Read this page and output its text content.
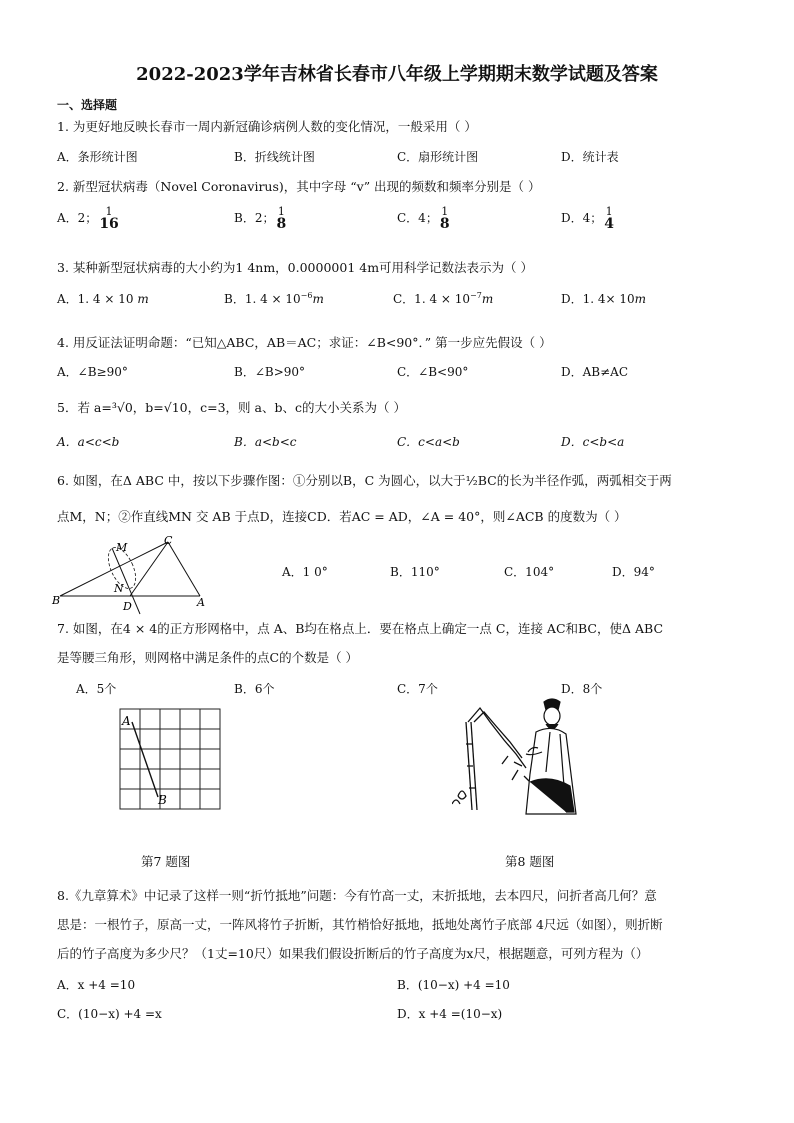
2022-2023学年吉林省长春市八年级上学期期末数学试题及答案
一、选择题
1. 为更好地反映长春市一周内新冠确诊病例人数的变化情况，一般采用（ ）
A．条形统计图	B．折线统计图	C．扇形统计图	D．统计表
2. 新型冠状病毒（Novel Coronavirus)，其中字母 “v” 出现的频数和频率分别是（ ）
A．2； 1
16	B．2； 1
8	C．4； 1
8	D．4； 1
4
3. 某种新型冠状病毒的大小约为1 4nm，0.0000001 4m可用科学记数法表示为（ ）
A．1. 4 × 10 m	B．1. $4 \times 10^{-6}m$	C．1. $4 \times 10^{-7}m$	D．1. 4× 10m
4. 用反证法证明命题：“已知△ABC，AB＝AC；求证：∠B<90°．” 第一步应先假设（ ）
A．∠B≥90°	B．∠B>90°	C．∠B<90°	D．AB≠AC
5．若 a=³√0，b=√10，c=3，则 a、b、c的大小关系为（ ）
A．a<c<b	B．a<b<c	C．c<a<b	D．c<b<a
6. 如图，在Δ ABC 中，按以下步骤作图：①分别以B，C 为圆心，以大于½BC的长为半径作弧，两弧相交于两
点M，N；②作直线MN 交 AB 于点D，连接CD．若AC = AD，∠A = 40°，则∠ACB 的度数为（ ）
M
C
N
B	D	A
A．1 0°	B．110°	C．104°	D．94°
7. 如图，在4 × 4的正方形网格中，点 A、B均在格点上．要在格点上确定一点 C，连接 AC和BC，使Δ ABC
是等腰三角形，则网格中满足条件的点C的个数是（ ）
A．5个	B．6个	C．7个	D．8个
A
B
第7 题图	第8 题图
8.《九章算术》中记录了这样一则“折竹抵地”问题：今有竹高一丈，末折抵地，去本四尺，问折者高几何？意
思是：一根竹子，原高一丈，一阵风将竹子折断，其竹梢恰好抵地，抵地处离竹子底部 4尺远（如图），则折断
后的竹子高度为多少尺？（1丈=10尺）如果我们假设折断后的竹子高度为x尺，根据题意，可列方程为（）
A．x +4 =10	B．(10−x) +4 =10
C．(10−x) +4 =x	D．x +4 =(10−x)
